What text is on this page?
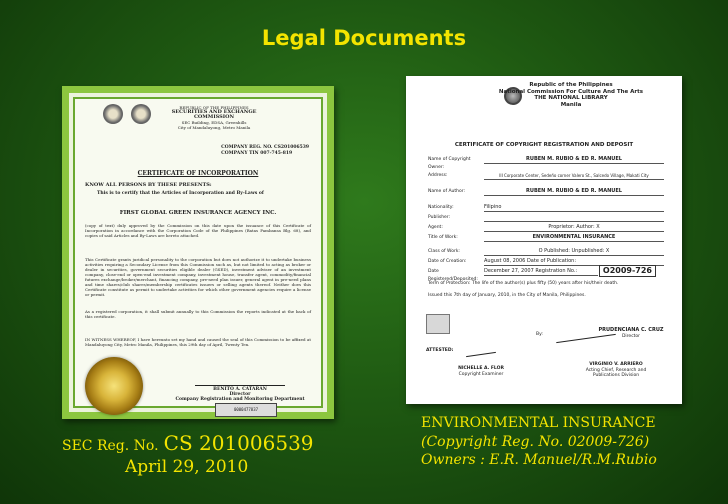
Legal Documents
REPUBLIC OF THE PHILIPPINES
SECURITIES AND EXCHANGE COMMISSION
SEC Building, EDSA, Greenhills
City of Mandaluyong, Metro Manila
COMPANY REG. NO. CS201006539
COMPANY TIN 007-745-819
CERTIFICATE OF INCORPORATION
KNOW ALL PERSONS BY THESE PRESENTS:
This is to certify that the Articles of Incorporation and By-Laws of
FIRST GLOBAL GREEN INSURANCE AGENCY INC.
(copy of text) duly approved by the Commission on this date upon the issuance of this Certificate of Incorporation in accordance with the Corporation Code of the Philippines (Batas Pambansa Blg. 68), and copies of said Articles and By-Laws are hereto attached.
This Certificate grants juridical personality to the corporation but does not authorize it to undertake business activities requiring a Secondary License from this Commission such as, but not limited to acting as broker or dealer in securities, government securities eligible dealer (GSED), investment adviser of an investment company, close-end or open-end investment company, investment house, transfer agent, commodity/financial futures exchange/broker/merchant, financing company, pre-need plan issuer, general agent in pre-need plans and time shares/club shares/membership certificates issuers or selling agents thereof. Neither does this Certificate constitute as permit to undertake activities for which other government agencies require a license or permit.
As a registered corporation, it shall submit annually to this Commission the reports indicated at the back of this certificate.
IN WITNESS WHEREOF, I have hereunto set my hand and caused the seal of this Commission to be affixed at Mandaluyong City, Metro Manila, Philippines, this 29th day of April, Twenty Ten.
BENITO A. CATARAN
Director
Company Registration and Monitoring Department
0000477837
Republic of the Philippines
National Commission For Culture And The Arts
THE NATIONAL LIBRARY
Manila
CERTIFICATE OF COPYRIGHT REGISTRATION AND DEPOSIT
Name of Copyright Owner:
RUBEN M. RUBIO & ED R. MANUEL
Address:	III Corporate Center, Sedeño corner Valero St., Salcedo Village, Makati City
Name of Author:	RUBEN M. RUBIO & ED R. MANUEL
Nationality:	Filipino
Publisher:
Agent:	Proprietor: Author: X
Title of Work:	ENVIRONMENTAL INSURANCE
Class of Work:	O Published: Unpublished: X
Date of Creation:	August 08, 2006 Date of Publication:
Date Registered/Deposited:
December 27, 2007 Registration No.:	O2009-726
Term of Protection: The life of the author(s) plus fifty (50) years after his/their death.
Issued this 7th day of January, 2010, in the City of Manila, Philippines.
PRUDENCIANA C. CRUZ
Director
By:
VIRGINIO V. ARRIERO
Acting Chief, Research and Publications Division
ATTESTED:
NICHELLE A. FLOR
Copyright Examiner
SEC Reg. No. CS 201006539
April 29, 2010
ENVIRONMENTAL INSURANCE
(Copyright Reg. No. 02009-726)
Owners : E.R. Manuel/R.M.Rubio
